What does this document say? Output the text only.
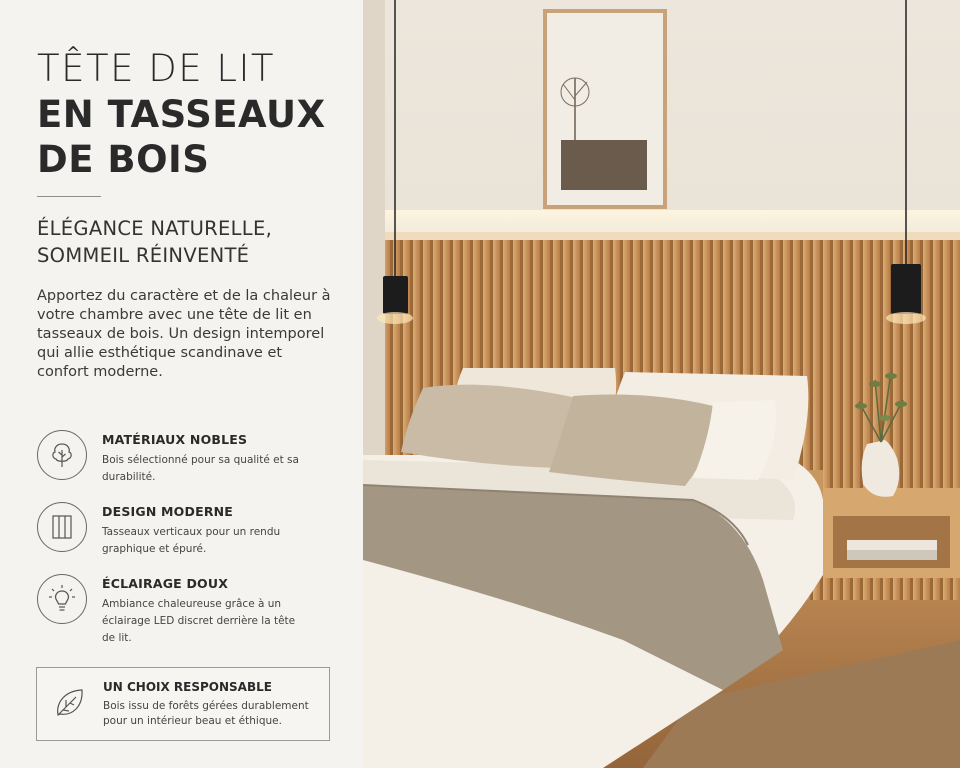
TÊTE DE LIT
EN TASSEAUX
DE BOIS
ÉLÉGANCE NATURELLE,
SOMMEIL RÉINVENTÉ
Apportez du caractère et de la chaleur à votre chambre avec une tête de lit en tasseaux de bois. Un design intemporel qui allie esthétique scandinave et confort moderne.
MATÉRIAUX NOBLES
Bois sélectionné pour sa qualité et sa durabilité.
DESIGN MODERNE
Tasseaux verticaux pour un rendu graphique et épuré.
ÉCLAIRAGE DOUX
Ambiance chaleureuse grâce à un éclairage LED discret derrière la tête de lit.
UN CHOIX RESPONSABLE
Bois issu de forêts gérées durablement pour un intérieur beau et éthique.
